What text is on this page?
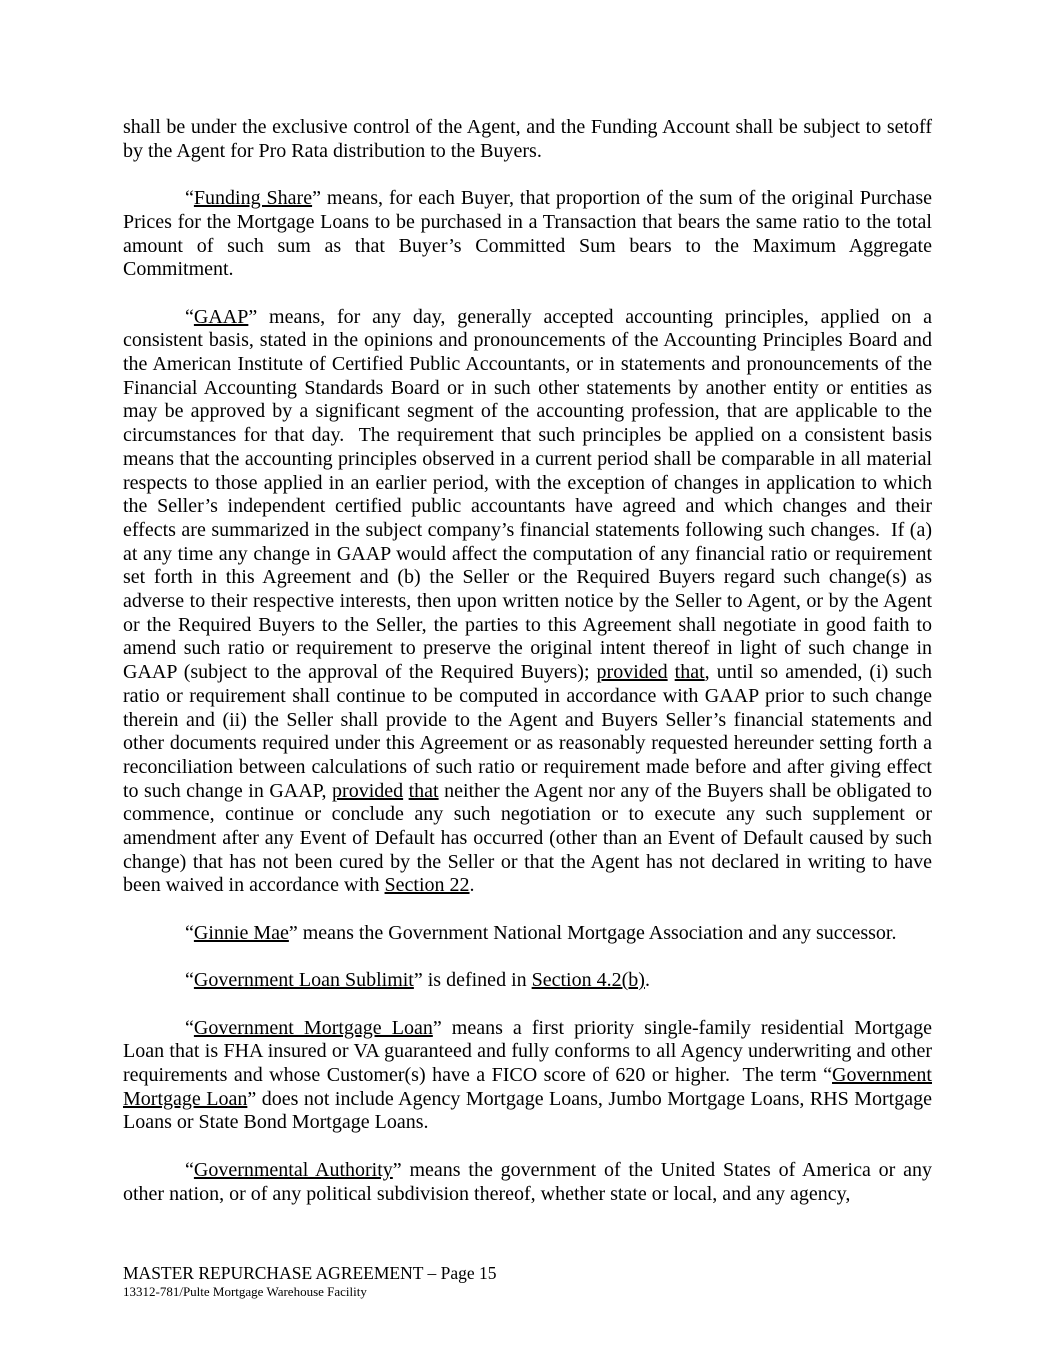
shall be under the exclusive control of the Agent, and the Funding Account shall be subject to setoff by the Agent for Pro Rata distribution to the Buyers.

“Funding Share” means, for each Buyer, that proportion of the sum of the original Purchase Prices for the Mortgage Loans to be purchased in a Transaction that bears the same ratio to the total amount of such sum as that Buyer’s Committed Sum bears to the Maximum Aggregate Commitment.

“GAAP” means, for any day, generally accepted accounting principles, applied on a consistent basis, stated in the opinions and pronouncements of the Accounting Principles Board and the American Institute of Certified Public Accountants, or in statements and pronouncements of the Financial Accounting Standards Board or in such other statements by another entity or entities as may be approved by a significant segment of the accounting profession, that are applicable to the circumstances for that day.  The requirement that such principles be applied on a consistent basis means that the accounting principles observed in a current period shall be comparable in all material respects to those applied in an earlier period, with the exception of changes in application to which the Seller’s independent certified public accountants have agreed and which changes and their effects are summarized in the subject company’s financial statements following such changes.  If (a) at any time any change in GAAP would affect the computation of any financial ratio or requirement set forth in this Agreement and (b) the Seller or the Required Buyers regard such change(s) as adverse to their respective interests, then upon written notice by the Seller to Agent, or by the Agent or the Required Buyers to the Seller, the parties to this Agreement shall negotiate in good faith to amend such ratio or requirement to preserve the original intent thereof in light of such change in GAAP (subject to the approval of the Required Buyers); provided that, until so amended, (i) such ratio or requirement shall continue to be computed in accordance with GAAP prior to such change therein and (ii) the Seller shall provide to the Agent and Buyers Seller’s financial statements and other documents required under this Agreement or as reasonably requested hereunder setting forth a reconciliation between calculations of such ratio or requirement made before and after giving effect to such change in GAAP, provided that neither the Agent nor any of the Buyers shall be obligated to commence, continue or conclude any such negotiation or to execute any such supplement or amendment after any Event of Default has occurred (other than an Event of Default caused by such change) that has not been cured by the Seller or that the Agent has not declared in writing to have been waived in accordance with Section 22.

“Ginnie Mae” means the Government National Mortgage Association and any successor.

“Government Loan Sublimit” is defined in Section 4.2(b).

“Government Mortgage Loan” means a first priority single-family residential Mortgage Loan that is FHA insured or VA guaranteed and fully conforms to all Agency underwriting and other requirements and whose Customer(s) have a FICO score of 620 or higher.  The term “Government Mortgage Loan” does not include Agency Mortgage Loans, Jumbo Mortgage Loans, RHS Mortgage Loans or State Bond Mortgage Loans.

“Governmental Authority” means the government of the United States of America or any other nation, or of any political subdivision thereof, whether state or local, and any agency,

MASTER REPURCHASE AGREEMENT – Page 15
13312-781/Pulte Mortgage Warehouse Facility
